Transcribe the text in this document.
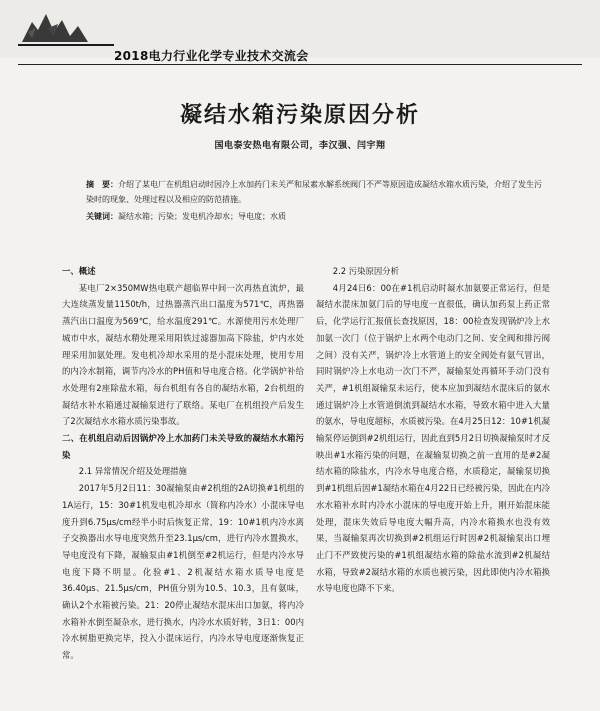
2018电力行业化学专业技术交流会
凝结水箱污染原因分析
国电泰安热电有限公司，李汉强、闫宇翔
摘　要：介绍了某电厂在机组启动时因冷上水加药门未关严和尿素水解系统阀门不严等原因造成凝结水箱水质污染，介绍了发生污染时的现象、处理过程以及相应的防范措施。
关键词：凝结水箱；污染；发电机冷却水；导电度；水质

一、概述

某电厂2×350MW热电联产超临界中间一次再热直流炉，最大连续蒸发量1150t/h，过热器蒸汽出口温度为571℃，再热器蒸汽出口温度为569℃，给水温度291℃。水源使用污水处理厂城市中水，凝结水精处理采用阳铁过滤器加高下除盐，炉内水处理采用加氨处理。发电机冷却水采用的是小混床处理，使用专用的内冷水制箱，调节内冷水的PH值和导电度合格。化学锅炉补给水处理有2座除盐水箱，每台机组有各自的凝结水箱，2台机组的凝结水补水箱通过凝输泵进行了联络。某电厂在机组投产后发生了2次凝结水水箱水质污染事故。

二、在机组启动后因锅炉冷上水加药门未关导致的凝结水水箱污染

2.1 异常情况介绍及处理措施

2017年5月2日11：30凝输泵由#2机组的2A切换#1机组的1A运行，15：30#1机发电机冷却水（简称内冷水）小混床导电度升到6.75μs/cm经半小时后恢复正常，19：10#1机内冷水离子交换器出水导电度突然升至23.1μs/cm，进行内冷水置换水，导电度没有下降，凝输泵由#1机倒至#2机运行，但是内冷水导电度下降不明显。化验#1、2机凝结水箱水质导电度是36.40μs、21.5μs/cm，PH值分别为10.5、10.3，且有氨味，确认2个水箱被污染。21：20停止凝结水混床出口加氨，将内冷水箱补水倒至凝杂水，进行换水，内冷水水质好转，3日1：00内冷水树脂更换完毕，投入小混床运行，内冷水导电度逐渐恢复正常。

2.2 污染原因分析

4月24日6：00在#1机启动时凝水加氨要正常运行，但是凝结水混床加氨门后的导电度一直很低，确认加药泵上药正常后，化学运行汇报值长查找原因，18：00检查发现锅炉冷上水加氨一次门（位于锅炉上水两个电动门之间、安全阀和排污阀之间）没有关严，锅炉冷上水管道上的安全阀处有氨气冒出，同时锅炉冷上水电动一次门不严，凝输泵处再循环手动门没有关严，#1机组凝输泵未运行，使本应加到凝结水混床后的氨水通过锅炉冷上水管道倒流到凝结水水箱，导致水箱中进入大量的氨水，导电度超标，水质被污染。在4月25日12：10#1机凝输泵停运倒到#2机组运行，因此直到5月2日切换凝输泵时才反映出#1水箱污染的问题，在凝输泵切换之前一直用的是#2凝结水箱的除盐水，内冷水导电度合格，水质稳定，凝输泵切换到#1机组后因#1凝结水箱在4月22日已经被污染，因此在内冷水水箱补水时内冷水小混床的导电度开始上升，刚开始混床能处理，混床失效后导电度大幅升高，内冷水箱换水也没有效果，当凝输泵再次切换到#2机组运行时因#2机凝输泵出口埋止门不严致使污染的#1机组凝结水箱的除盐水流到#2机凝结水箱，导致#2凝结水箱的水质也被污染，因此即使内冷水箱换水导电度也降不下来。
